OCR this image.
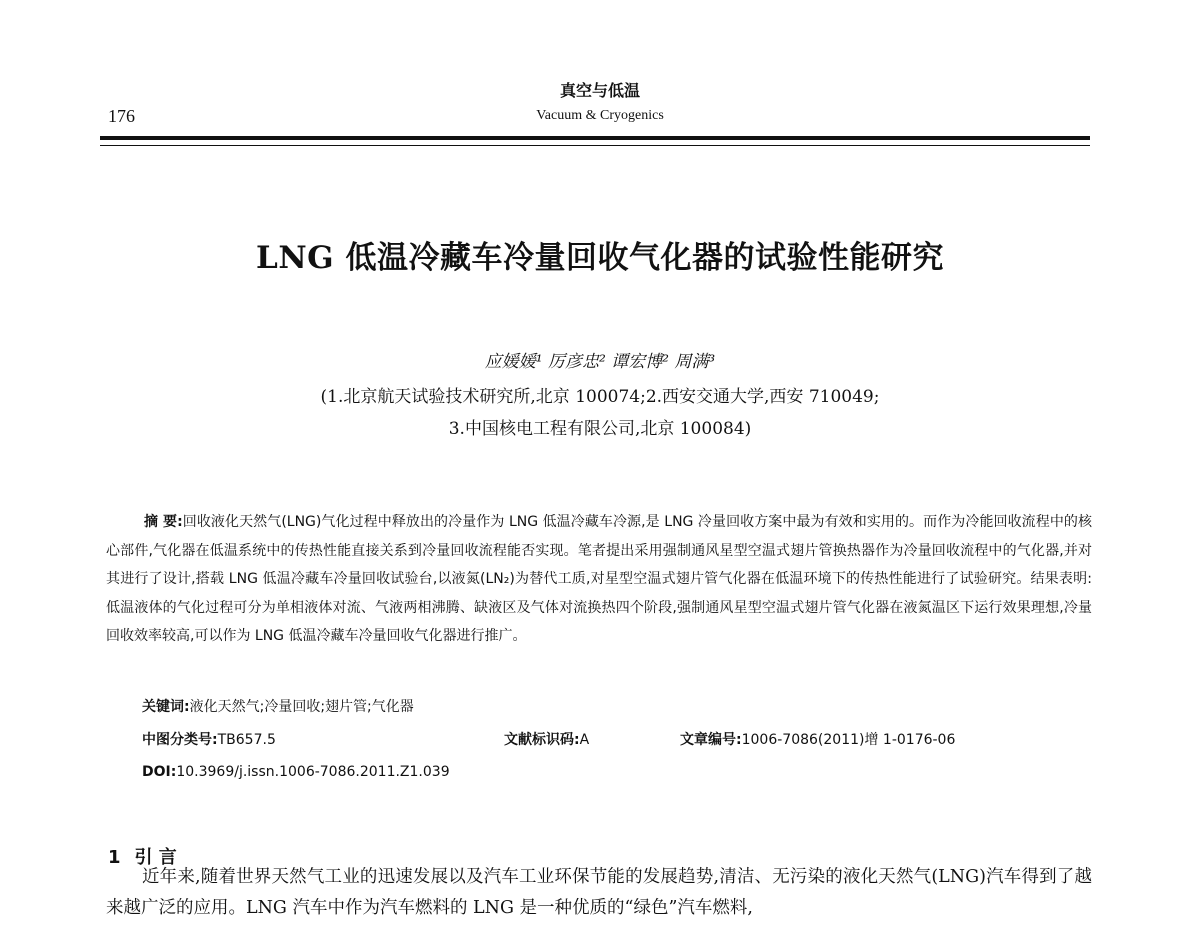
真空与低温
176	Vacuum & Cryogenics
LNG 低温冷藏车冷量回收气化器的试验性能研究
应媛媛¹ 厉彦忠² 谭宏博² 周满³
(1.北京航天试验技术研究所,北京 100074;2.西安交通大学,西安 710049;
3.中国核电工程有限公司,北京 100084)
摘 要:回收液化天然气(LNG)气化过程中释放出的冷量作为 LNG 低温冷藏车冷源,是 LNG 冷量回收方案中最为有效和实用的。而作为冷能回收流程中的核心部件,气化器在低温系统中的传热性能直接关系到冷量回收流程能否实现。笔者提出采用强制通风星型空温式翅片管换热器作为冷量回收流程中的气化器,并对其进行了设计,搭载 LNG 低温冷藏车冷量回收试验台,以液氮(LN₂)为替代工质,对星型空温式翅片管气化器在低温环境下的传热性能进行了试验研究。结果表明:低温液体的气化过程可分为单相液体对流、气液两相沸腾、缺液区及气体对流换热四个阶段,强制通风星型空温式翅片管气化器在液氮温区下运行效果理想,冷量回收效率较高,可以作为 LNG 低温冷藏车冷量回收气化器进行推广。
关键词:液化天然气;冷量回收;翅片管;气化器
中图分类号:TB657.5	文献标识码:A	文章编号:1006-7086(2011)增 1-0176-06
DOI:10.3969/j.issn.1006-7086.2011.Z1.039
1 引 言

近年来,随着世界天然气工业的迅速发展以及汽车工业环保节能的发展趋势,清洁、无污染的液化天然气(LNG)汽车得到了越来越广泛的应用。LNG 汽车中作为汽车燃料的 LNG 是一种优质的“绿色”汽车燃料,
